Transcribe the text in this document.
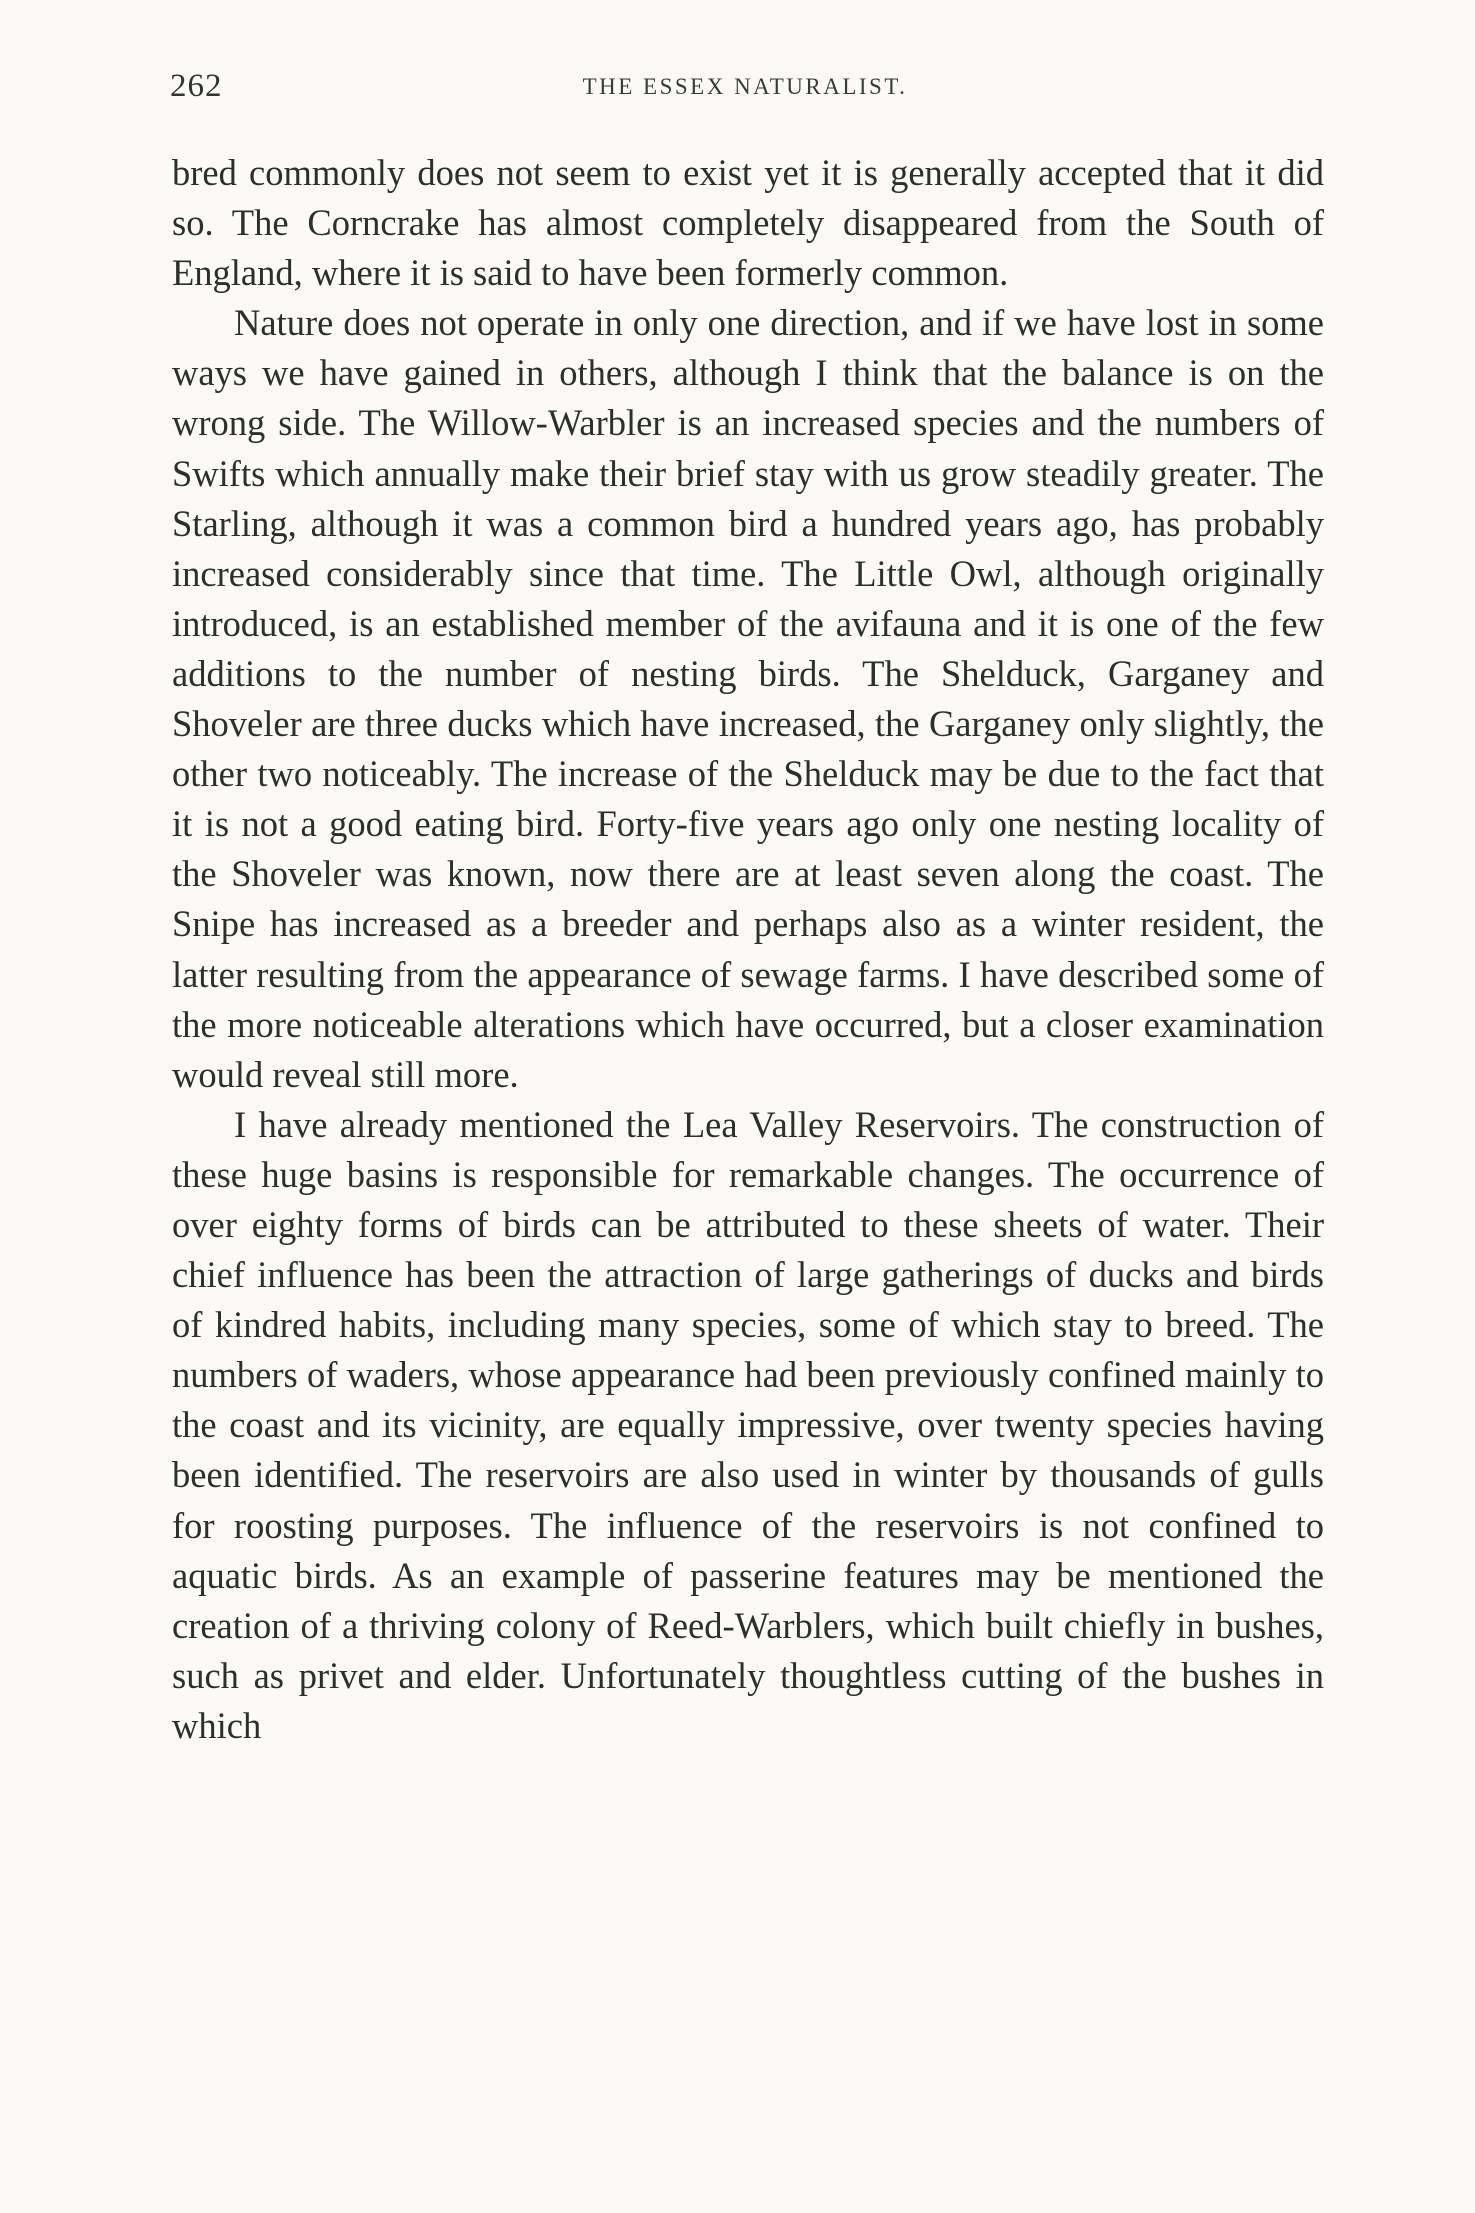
262	THE ESSEX NATURALIST.

bred commonly does not seem to exist yet it is generally accepted that it did so. The Corncrake has almost completely disappeared from the South of England, where it is said to have been formerly common.

Nature does not operate in only one direction, and if we have lost in some ways we have gained in others, although I think that the balance is on the wrong side. The Willow-Warbler is an increased species and the numbers of Swifts which annually make their brief stay with us grow steadily greater. The Starling, although it was a common bird a hundred years ago, has probably increased considerably since that time. The Little Owl, although originally introduced, is an established member of the avifauna and it is one of the few additions to the number of nesting birds. The Shelduck, Garganey and Shoveler are three ducks which have increased, the Garganey only slightly, the other two noticeably. The increase of the Shelduck may be due to the fact that it is not a good eating bird. Forty-five years ago only one nesting locality of the Shoveler was known, now there are at least seven along the coast. The Snipe has increased as a breeder and perhaps also as a winter resident, the latter resulting from the appearance of sewage farms. I have described some of the more noticeable alterations which have occurred, but a closer examination would reveal still more.

I have already mentioned the Lea Valley Reservoirs. The construction of these huge basins is responsible for remarkable changes. The occurrence of over eighty forms of birds can be attributed to these sheets of water. Their chief influence has been the attraction of large gatherings of ducks and birds of kindred habits, including many species, some of which stay to breed. The numbers of waders, whose appearance had been previously confined mainly to the coast and its vicinity, are equally impressive, over twenty species having been identified. The reservoirs are also used in winter by thousands of gulls for roosting purposes. The influence of the reservoirs is not confined to aquatic birds. As an example of passerine features may be mentioned the creation of a thriving colony of Reed-Warblers, which built chiefly in bushes, such as privet and elder. Unfortunately thoughtless cutting of the bushes in which
